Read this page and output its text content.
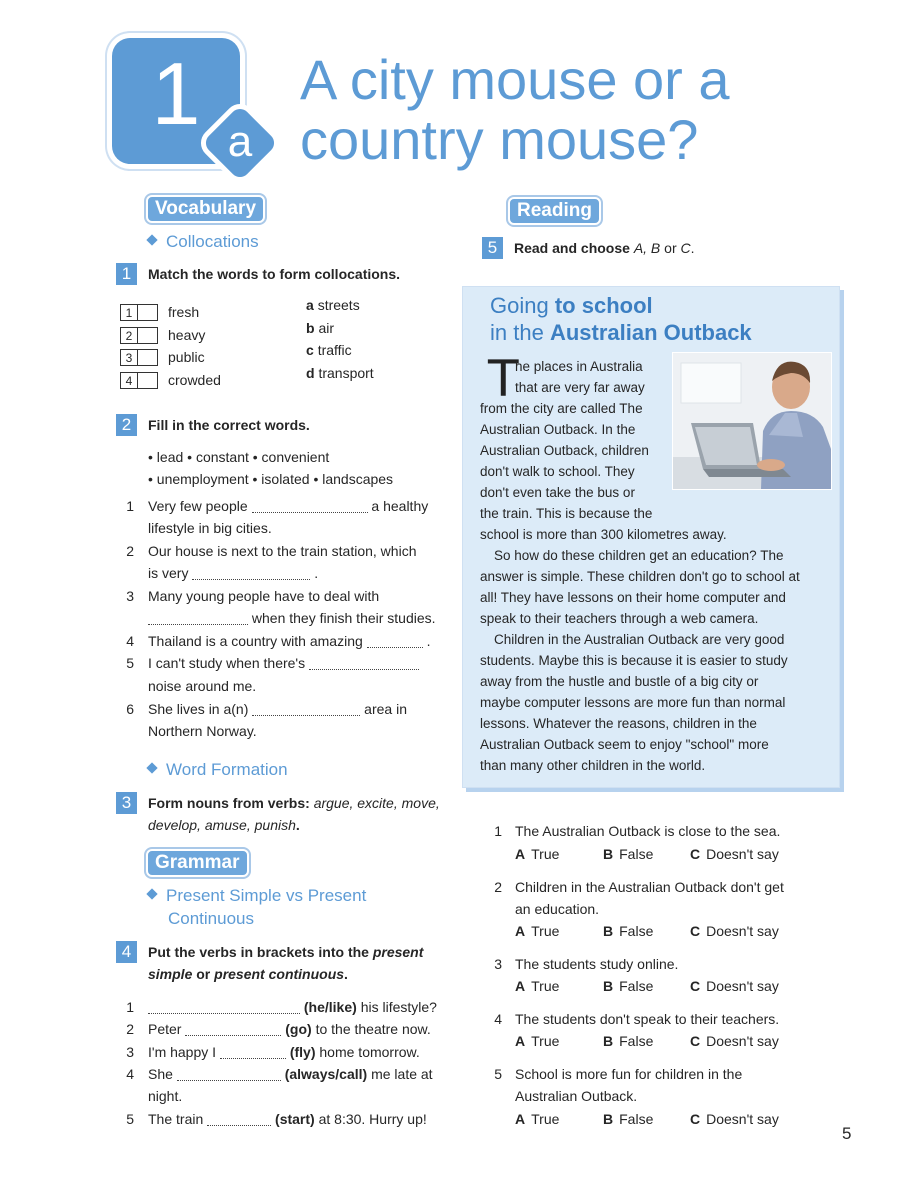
1 a
A city mouse or a
country mouse?
Vocabulary
Collocations
1	Match the words to form collocations.
1	fresh
2	heavy
3	public
4	crowded
a streets
b air
c traffic
d transport
2	Fill in the correct words.
• lead • constant • convenient
• unemployment • isolated • landscapes
1 Very few people	a healthy
lifestyle in big cities.
2 Our house is next to the train station, which
is very	.
3 Many young people have to deal with
when they finish their studies.
4 Thailand is a country with amazing	.
5 I can't study when there's
noise around me.
6 She lives in a(n)	area in
Northern Norway.
Word Formation
3	Form nouns from verbs: argue, excite, move,
develop, amuse, punish.
Grammar
Present Simple vs Present
Continuous
4	Put the verbs in brackets into the present
simple or present continuous.
1	(he/like) his lifestyle?
2 Peter	(go) to the theatre now.
3 I'm happy I	(fly) home tomorrow.
4 She	(always/call) me late at
night.
5 The train	(start) at 8:30. Hurry up!
Reading
5	Read and choose A, B or C.
Going to school
in the Australian Outback
T
he places in Australia
that are very far away
from the city are called The
Australian Outback. In the
Australian Outback, children
don't walk to school. They
don't even take the bus or
the train. This is because the
school is more than 300 kilometres away.
So how do these children get an education? The
answer is simple. These children don't go to school at
all! They have lessons on their home computer and
speak to their teachers through a web camera.
Children in the Australian Outback are very good
students. Maybe this is because it is easier to study
away from the hustle and bustle of a big city or
maybe computer lessons are more fun than normal
lessons. Whatever the reasons, children in the
Australian Outback seem to enjoy "school" more
than many other children in the world.
1 The Australian Outback is close to the sea.
A True	B False	C Doesn't say
2 Children in the Australian Outback don't get
an education.
A True	B False	C Doesn't say
3 The students study online.
A True	B False	C Doesn't say
4 The students don't speak to their teachers.
A True	B False	C Doesn't say
5 School is more fun for children in the
Australian Outback.
A True	B False	C Doesn't say
5
